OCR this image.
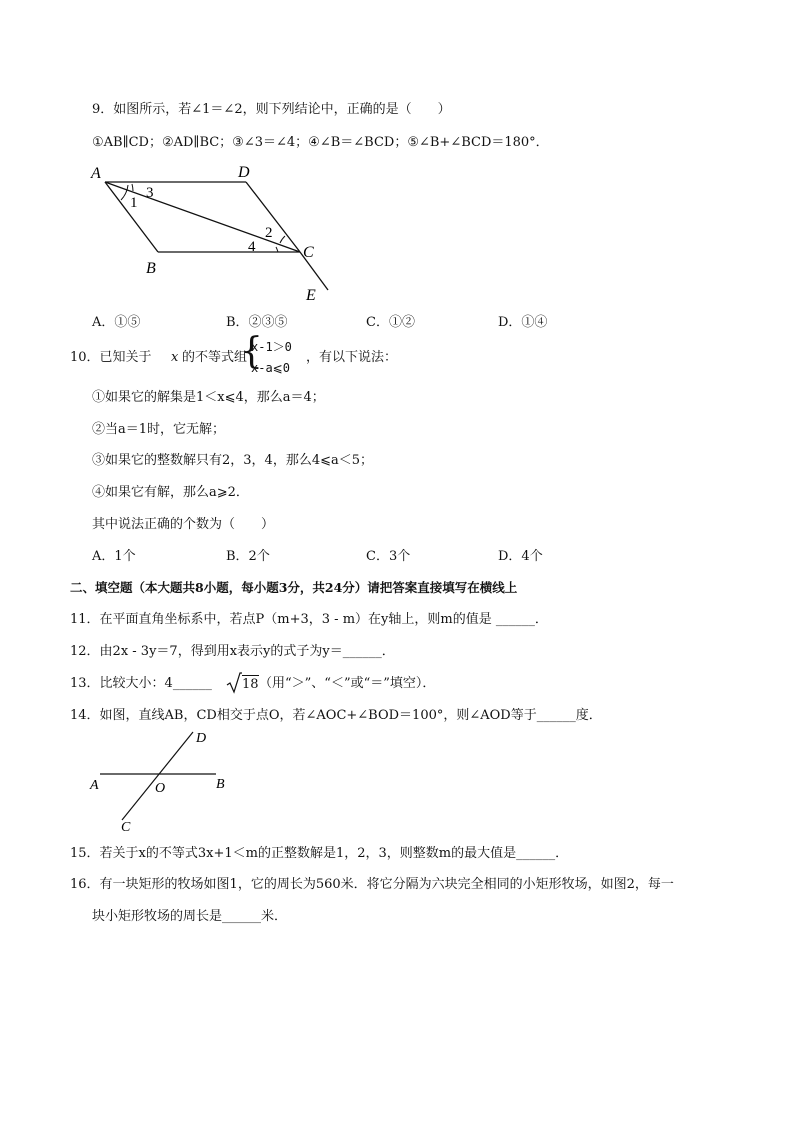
9．如图所示，若∠1＝∠2，则下列结论中，正确的是（　　）
①AB∥CD；②AD∥BC；③∠3＝∠4；④∠B＝∠BCD；⑤∠B+∠BCD＝180°．
A	D
B
C
E
1
2
3
4
A．①⑤	B．②③⑤	C．①②	D．①④
10．已知关于 x 的不等式组
{
x-1＞0
x-a⩽0
，有以下说法：
①如果它的解集是1＜x⩽4，那么a＝4；
②当a＝1时，它无解；
③如果它的整数解只有2，3，4，那么4⩽a＜5；
④如果它有解，那么a⩾2．
其中说法正确的个数为（　　）
A．1个	B．2个	C．3个	D．4个
二、填空题（本大题共8小题，每小题3分，共24分）请把答案直接填写在横线上
11．在平面直角坐标系中，若点P（m+3，3 - m）在y轴上，则m的值是 ______．
12．由2x - 3y＝7，得到用x表示y的式子为y＝______．
13．比较大小：4______ 18 （用“＞”、“＜”或“＝”填空）．
14．如图，直线AB，CD相交于点O，若∠AOC+∠BOD＝100°，则∠AOD等于______度．
A	B
C
D
O
15．若关于x的不等式3x+1＜m的正整数解是1，2，3，则整数m的最大值是______．
16．有一块矩形的牧场如图1，它的周长为560米．将它分隔为六块完全相同的小矩形牧场，如图2，每一
块小矩形牧场的周长是______米．
